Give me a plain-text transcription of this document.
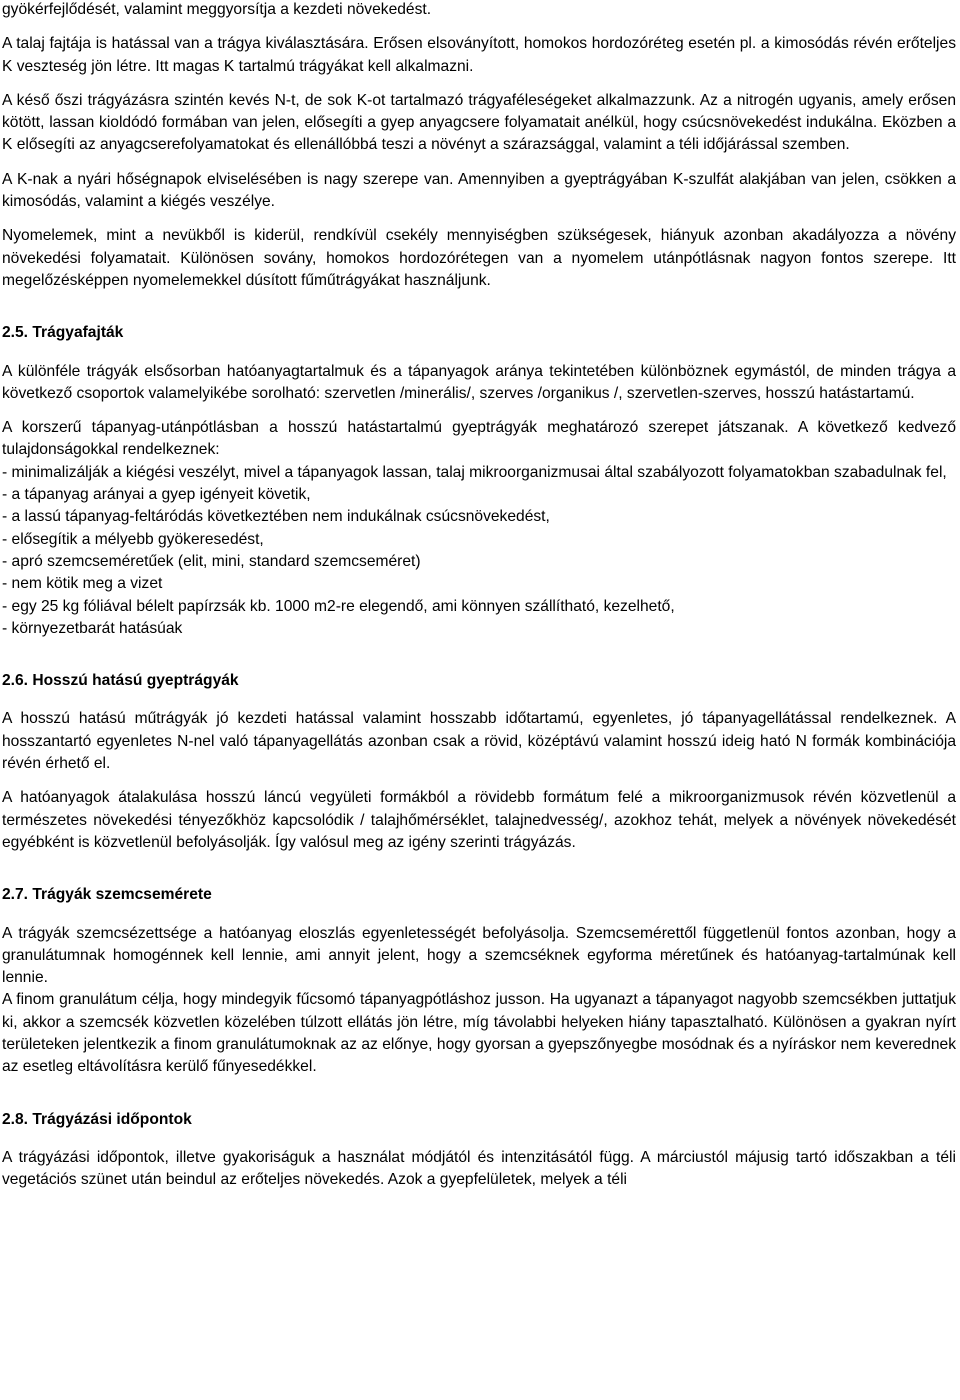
gyökérfejlődését, valamint meggyorsítja a kezdeti növekedést.

A talaj fajtája is hatással van a trágya kiválasztására. Erősen elsoványított, homokos hordozóréteg esetén pl. a kimosódás révén erőteljes K veszteség jön létre. Itt magas K tartalmú trágyákat kell alkalmazni.

A késő őszi trágyázásra szintén kevés N-t, de sok K-ot tartalmazó trágyaféleségeket alkalmazzunk. Az a nitrogén ugyanis, amely erősen kötött, lassan kioldódó formában van jelen, elősegíti a gyep anyagcsere folyamatait anélkül, hogy csúcsnövekedést indukálna. Eközben a K elősegíti az anyagcserefolyamatokat és ellenállóbbá teszi a növényt a szárazsággal, valamint a téli időjárással szemben.

A K-nak a nyári hőségnapok elviselésében is nagy szerepe van. Amennyiben a gyeptrágyában K-szulfát alakjában van jelen, csökken a kimosódás, valamint a kiégés veszélye.

Nyomelemek, mint a nevükből is kiderül, rendkívül csekély mennyiségben szükségesek, hiányuk azonban akadályozza a növény növekedési folyamatait. Különösen sovány, homokos hordozórétegen van a nyomelem utánpótlásnak nagyon fontos szerepe. Itt megelőzésképpen nyomelemekkel dúsított fűműtrágyákat használjunk.

2.5. Trágyafajták

A különféle trágyák elsősorban hatóanyagtartalmuk és a tápanyagok aránya tekintetében különböznek egymástól, de minden trágya a következő csoportok valamelyikébe sorolható: szervetlen /minerális/, szerves /organikus /, szervetlen-szerves, hosszú hatástartamú.

A korszerű tápanyag-utánpótlásban a hosszú hatástartalmú gyeptrágyák meghatározó szerepet játszanak. A következő kedvező tulajdonságokkal rendelkeznek:

- minimalizálják a kiégési veszélyt, mivel a tápanyagok lassan, talaj mikroorganizmusai által szabályozott folyamatokban szabadulnak fel,

- a tápanyag arányai a gyep igényeit követik,

- a lassú tápanyag-feltáródás következtében nem indukálnak csúcsnövekedést,

- elősegítik a mélyebb gyökeresedést,

- apró szemcseméretűek (elit, mini, standard szemcseméret)

- nem kötik meg a vizet

- egy 25 kg fóliával bélelt papírzsák kb. 1000 m2-re elegendő, ami könnyen szállítható, kezelhető,

- környezetbarát hatásúak

2.6. Hosszú hatású gyeptrágyák

A hosszú hatású műtrágyák jó kezdeti hatással valamint hosszabb időtartamú, egyenletes, jó tápanyagellátással rendelkeznek. A hosszantartó egyenletes N-nel való tápanyagellátás azonban csak a rövid, középtávú valamint hosszú ideig ható N formák kombinációja révén érhető el.

A hatóanyagok átalakulása hosszú láncú vegyületi formákból a rövidebb formátum felé a mikroorganizmusok révén közvetlenül a természetes növekedési tényezőkhöz kapcsolódik / talajhőmérséklet, talajnedvesség/, azokhoz tehát, melyek a növények növekedését egyébként is közvetlenül befolyásolják. Így valósul meg az igény szerinti trágyázás.

2.7. Trágyák szemcsemérete

A trágyák szemcsézettsége a hatóanyag eloszlás egyenletességét befolyásolja. Szemcsemérettől függetlenül fontos azonban, hogy a granulátumnak homogénnek kell lennie, ami annyit jelent, hogy a szemcséknek egyforma méretűnek és hatóanyag-tartalmúnak kell lennie.

A finom granulátum célja, hogy mindegyik fűcsomó tápanyagpótláshoz jusson. Ha ugyanazt a tápanyagot nagyobb szemcsékben juttatjuk ki, akkor a szemcsék közvetlen közelében túlzott ellátás jön létre, míg távolabbi helyeken hiány tapasztalható. Különösen a gyakran nyírt területeken jelentkezik a finom granulátumoknak az az előnye, hogy gyorsan a gyepszőnyegbe mosódnak és a nyíráskor nem keverednek az esetleg eltávolításra kerülő fűnyesedékkel.

2.8. Trágyázási időpontok

A trágyázási időpontok, illetve gyakoriságuk a használat módjától és intenzitásától függ. A márciustól májusig tartó időszakban a téli vegetációs szünet után beindul az erőteljes növekedés. Azok a gyepfelületek, melyek a téli
